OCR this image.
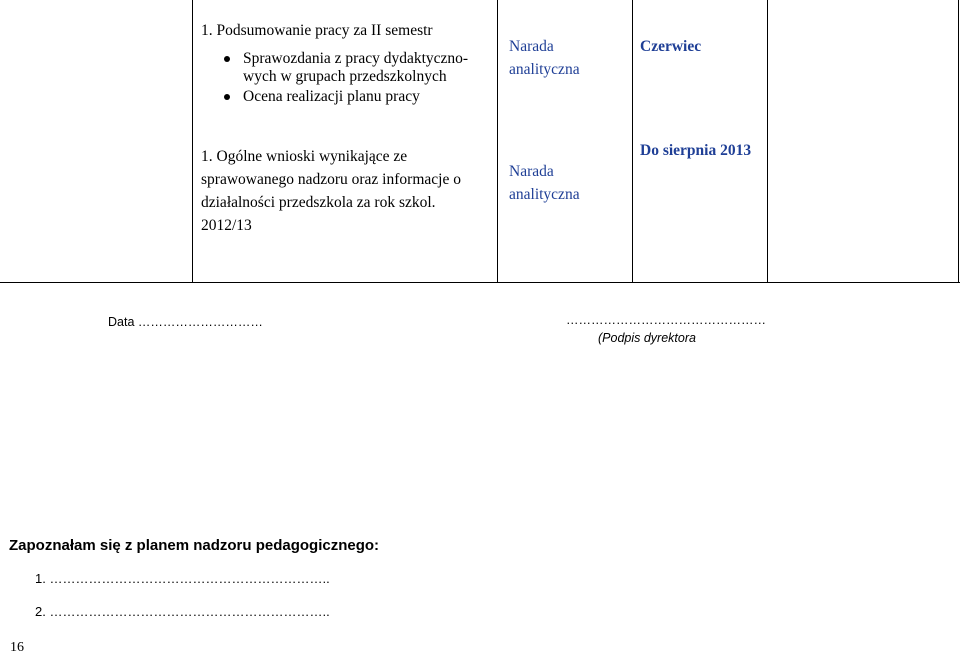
1. Podsumowanie pracy za II semestr
Sprawozdania z pracy dydaktyczno-
wych w grupach przedszkolnych
Ocena realizacji planu pracy
Narada
analityczna
Czerwiec
1. Ogólne wnioski wynikające ze
sprawowanego nadzoru oraz informacje o
działalności przedszkola za rok szkol.
2012/13
Narada
analityczna
Do sierpnia 2013
Data …………………………	…………………………………………
(Podpis dyrektora
Zapoznałam się z planem nadzoru pedagogicznego:
1. ………………………………………………………..
2. ………………………………………………………..
16
